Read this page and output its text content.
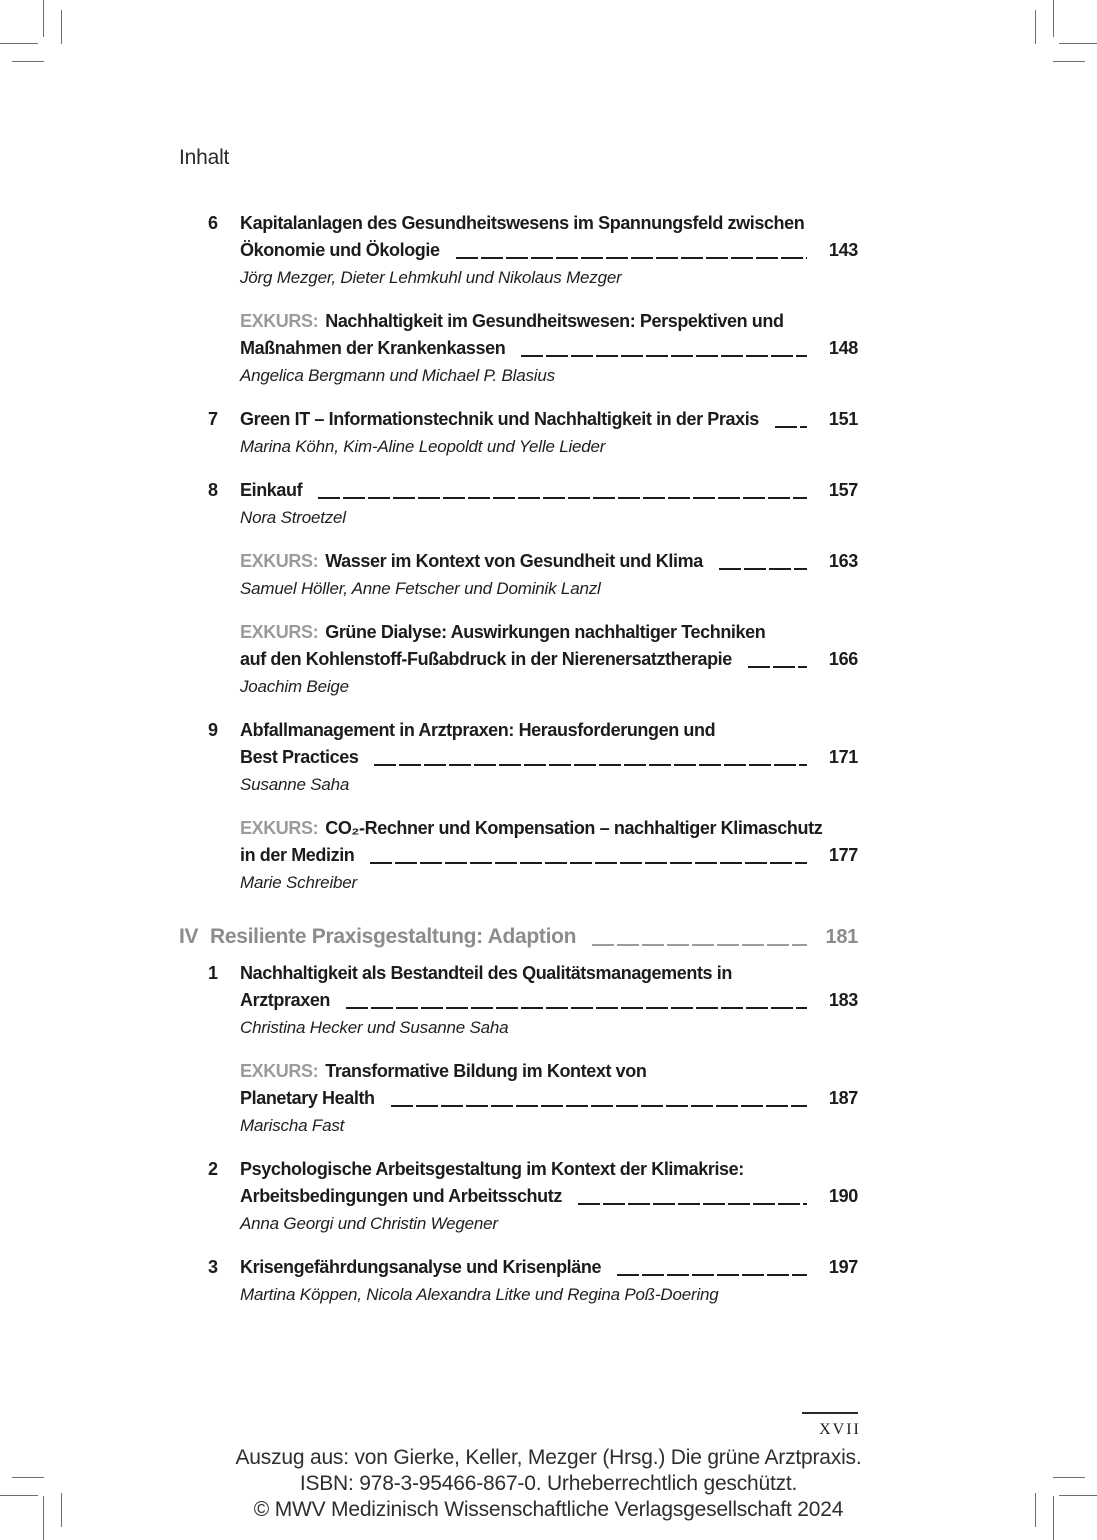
Inhalt
6	Kapitalanlagen des Gesundheitswesens im Spannungsfeld zwischen
Ökonomie und Ökologie	143
Jörg Mezger, Dieter Lehmkuhl und Nikolaus Mezger
EXKURS: Nachhaltigkeit im Gesundheitswesen: Perspektiven und
Maßnahmen der Krankenkassen	148
Angelica Bergmann und Michael P. Blasius
7	Green IT – Informationstechnik und Nachhaltigkeit in der Praxis	151
Marina Köhn, Kim-Aline Leopoldt und Yelle Lieder
8	Einkauf	157
Nora Stroetzel
EXKURS: Wasser im Kontext von Gesundheit und Klima	163
Samuel Höller, Anne Fetscher und Dominik Lanzl
EXKURS: Grüne Dialyse: Auswirkungen nachhaltiger Techniken
auf den Kohlenstoff-Fußabdruck in der Nierenersatztherapie	166
Joachim Beige
9	Abfallmanagement in Arztpraxen: Herausforderungen und
Best Practices	171
Susanne Saha
EXKURS: CO₂-Rechner und Kompensation – nachhaltiger Klimaschutz
in der Medizin	177
Marie Schreiber
IV Resiliente Praxisgestaltung: Adaption	181
1	Nachhaltigkeit als Bestandteil des Qualitätsmanagements in
Arztpraxen	183
Christina Hecker und Susanne Saha
EXKURS: Transformative Bildung im Kontext von
Planetary Health	187
Marischa Fast
2	Psychologische Arbeitsgestaltung im Kontext der Klimakrise:
Arbeitsbedingungen und Arbeitsschutz	190
Anna Georgi und Christin Wegener
3	Krisengefährdungsanalyse und Krisenpläne	197
Martina Köppen, Nicola Alexandra Litke und Regina Poß-Doering
XVII
Auszug aus: von Gierke, Keller, Mezger (Hrsg.) Die grüne Arztpraxis.
ISBN: 978-3-95466-867-0. Urheberrechtlich geschützt.
© MWV Medizinisch Wissenschaftliche Verlagsgesellschaft 2024
